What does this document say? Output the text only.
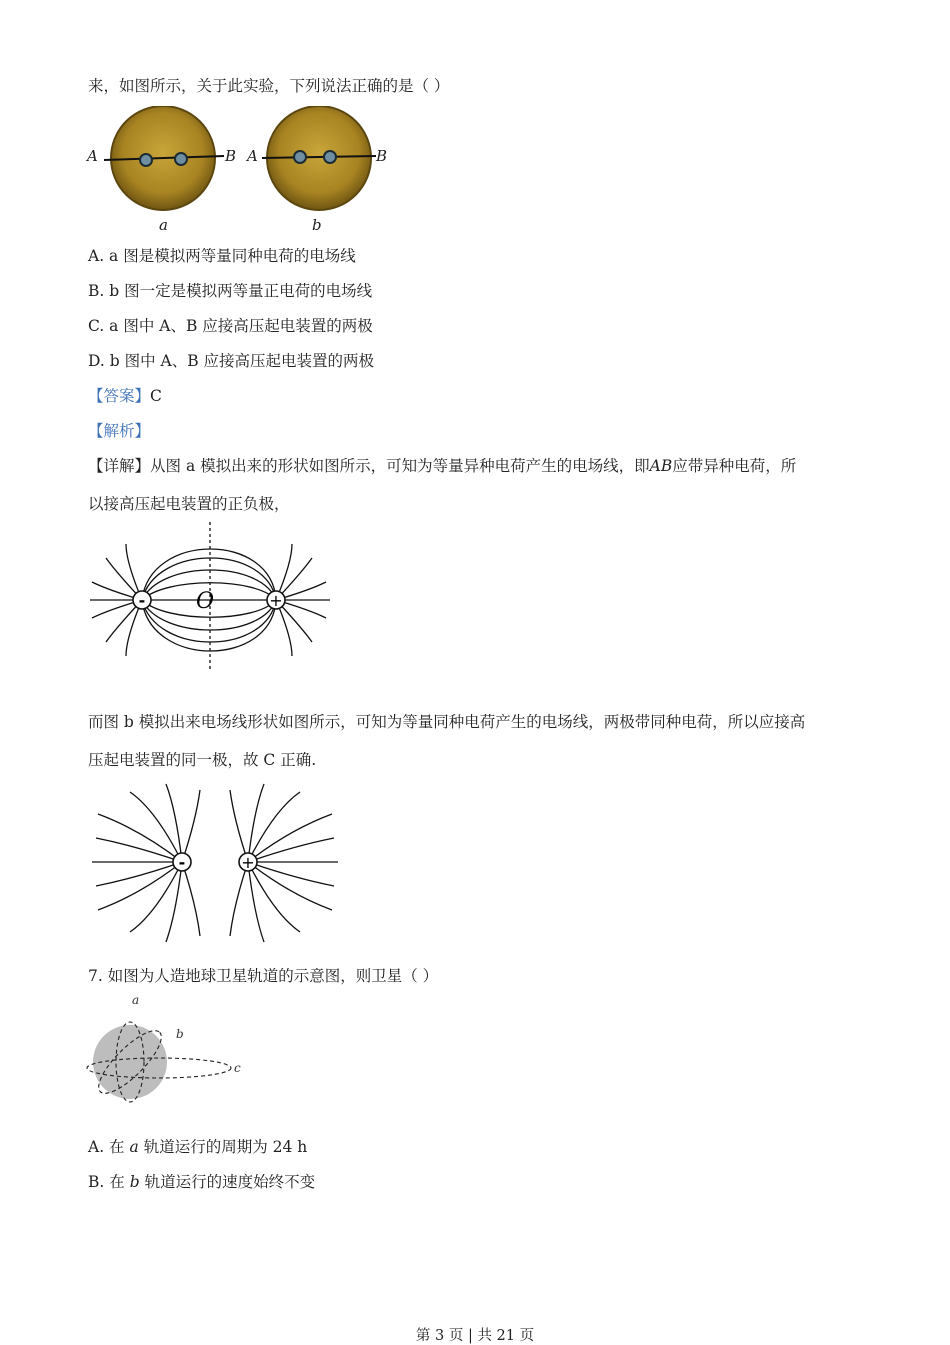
来，如图所示，关于此实验，下列说法正确的是（ ）
A	B A	B
a	b
A. a 图是模拟两等量同种电荷的电场线
B. b 图一定是模拟两等量正电荷的电场线
C. a 图中 A、B 应接高压起电装置的两极
D. b 图中 A、B 应接高压起电装置的两极
【答案】C
【解析】
【详解】从图 a 模拟出来的形状如图所示，可知为等量异种电荷产生的电场线，即AB应带异种电荷，所
以接高压起电装置的正负极，
-	+
O
而图 b 模拟出来电场线形状如图所示，可知为等量同种电荷产生的电场线，两极带同种电荷，所以应接高
压起电装置的同一极，故 C 正确.
-	+
7. 如图为人造地球卫星轨道的示意图，则卫星（ ）
a
b
c
A. 在 a 轨道运行的周期为 24 h
B. 在 b 轨道运行的速度始终不变
第 3 页 | 共 21 页
